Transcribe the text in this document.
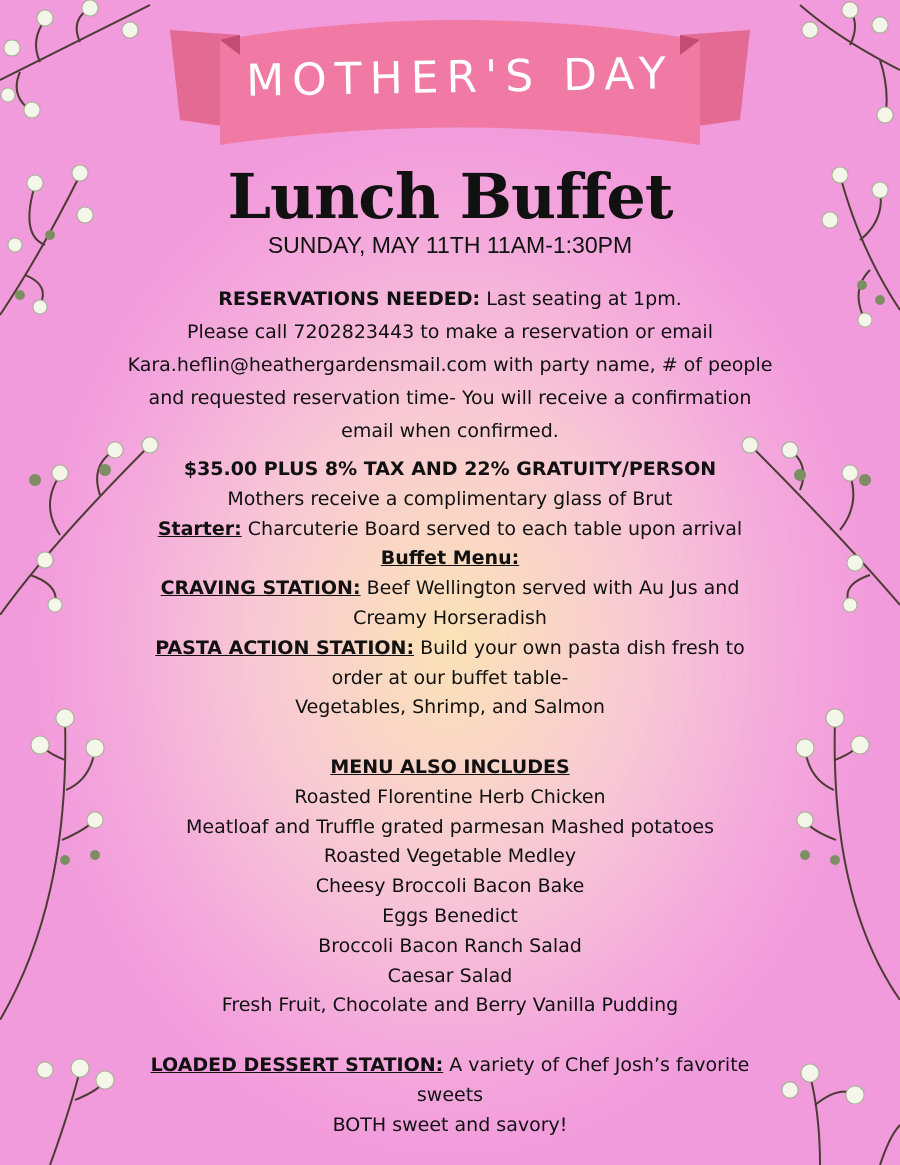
MOTHER'S DAY
Lunch Buffet
SUNDAY, MAY 11TH 11AM-1:30PM
RESERVATIONS NEEDED: Last seating at 1pm.
Please call 7202823443 to make a reservation or email
Kara.heflin@heathergardensmail.com with party name, # of people
and requested reservation time- You will receive a confirmation
email when confirmed.
$35.00 PLUS 8% TAX AND 22% GRATUITY/PERSON
Mothers receive a complimentary glass of Brut
Starter: Charcuterie Board served to each table upon arrival
Buffet Menu:
CRAVING STATION: Beef Wellington served with Au Jus and
Creamy Horseradish
PASTA ACTION STATION: Build your own pasta dish fresh to
order at our buffet table-
Vegetables, Shrimp, and Salmon

MENU ALSO INCLUDES
Roasted Florentine Herb Chicken
Meatloaf and Truffle grated parmesan Mashed potatoes
Roasted Vegetable Medley
Cheesy Broccoli Bacon Bake
Eggs Benedict
Broccoli Bacon Ranch Salad
Caesar Salad
Fresh Fruit, Chocolate and Berry Vanilla Pudding

LOADED DESSERT STATION: A variety of Chef Josh’s favorite
sweets
BOTH sweet and savory!
